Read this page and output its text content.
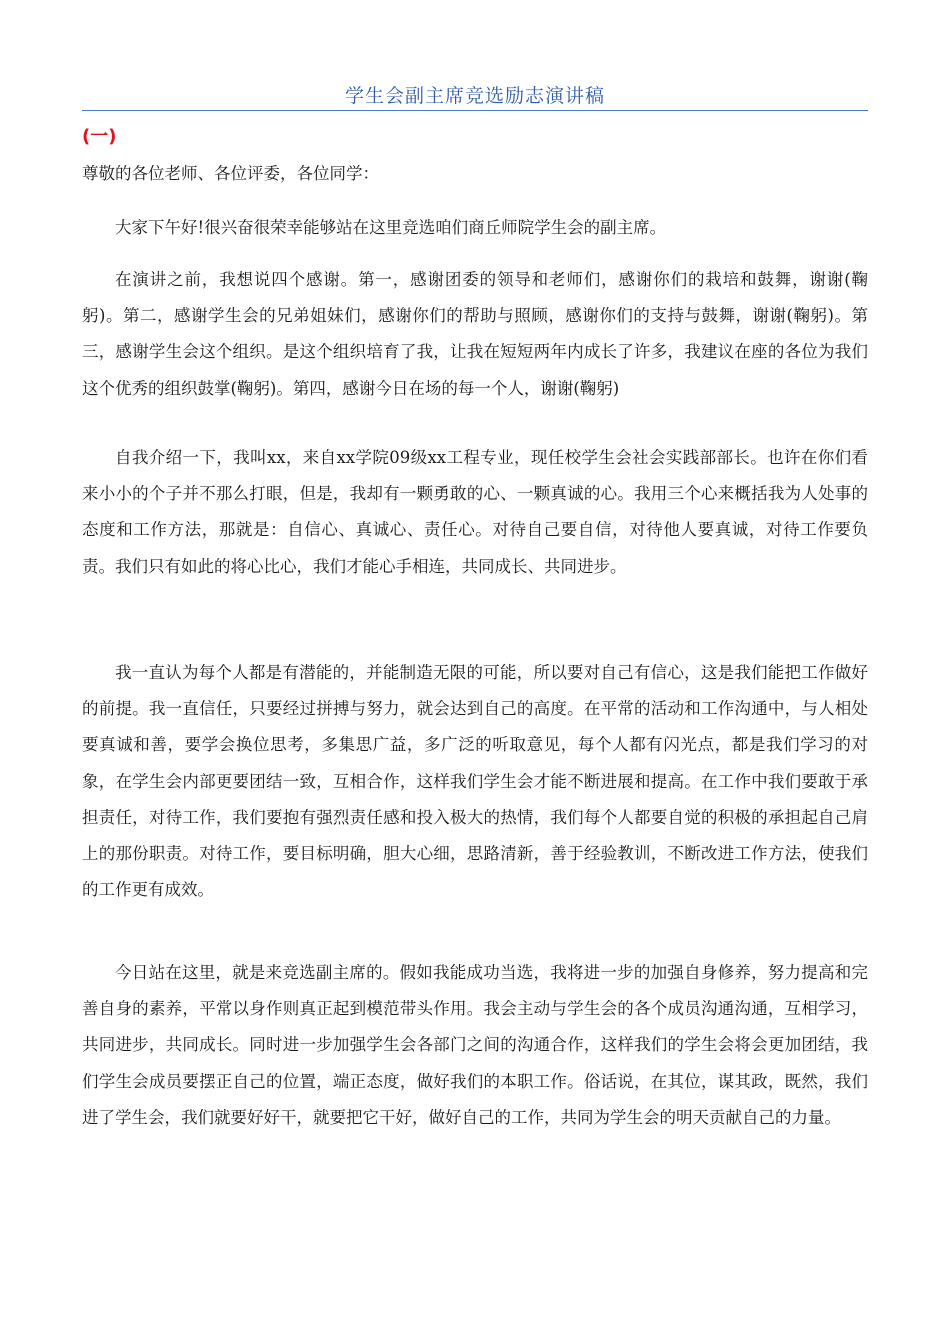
学生会副主席竞选励志演讲稿
(一)
尊敬的各位老师、各位评委，各位同学：

大家下午好!很兴奋很荣幸能够站在这里竞选咱们商丘师院学生会的副主席。

在演讲之前，我想说四个感谢。第一，感谢团委的领导和老师们，感谢你们的栽培和鼓舞，谢谢(鞠躬)。第二，感谢学生会的兄弟姐妹们，感谢你们的帮助与照顾，感谢你们的支持与鼓舞，谢谢(鞠躬)。第三，感谢学生会这个组织。是这个组织培育了我，让我在短短两年内成长了许多，我建议在座的各位为我们这个优秀的组织鼓掌(鞠躬)。第四，感谢今日在场的每一个人，谢谢(鞠躬)

自我介绍一下，我叫xx，来自xx学院09级xx工程专业，现任校学生会社会实践部部长。也许在你们看来小小的个子并不那么打眼，但是，我却有一颗勇敢的心、一颗真诚的心。我用三个心来概括我为人处事的态度和工作方法，那就是：自信心、真诚心、责任心。对待自己要自信，对待他人要真诚，对待工作要负责。我们只有如此的将心比心，我们才能心手相连，共同成长、共同进步。

我一直认为每个人都是有潜能的，并能制造无限的可能，所以要对自己有信心，这是我们能把工作做好的前提。我一直信任，只要经过拼搏与努力，就会达到自己的高度。在平常的活动和工作沟通中，与人相处要真诚和善，要学会换位思考，多集思广益，多广泛的听取意见，每个人都有闪光点，都是我们学习的对象，在学生会内部更要团结一致，互相合作，这样我们学生会才能不断进展和提高。在工作中我们要敢于承担责任，对待工作，我们要抱有强烈责任感和投入极大的热情，我们每个人都要自觉的积极的承担起自己肩上的那份职责。对待工作，要目标明确，胆大心细，思路清新，善于经验教训，不断改进工作方法，使我们的工作更有成效。

今日站在这里，就是来竞选副主席的。假如我能成功当选，我将进一步的加强自身修养，努力提高和完善自身的素养，平常以身作则真正起到模范带头作用。我会主动与学生会的各个成员沟通沟通，互相学习，共同进步，共同成长。同时进一步加强学生会各部门之间的沟通合作，这样我们的学生会将会更加团结，我们学生会成员要摆正自己的位置，端正态度，做好我们的本职工作。俗话说，在其位，谋其政，既然，我们进了学生会，我们就要好好干，就要把它干好，做好自己的工作，共同为学生会的明天贡献自己的力量。
